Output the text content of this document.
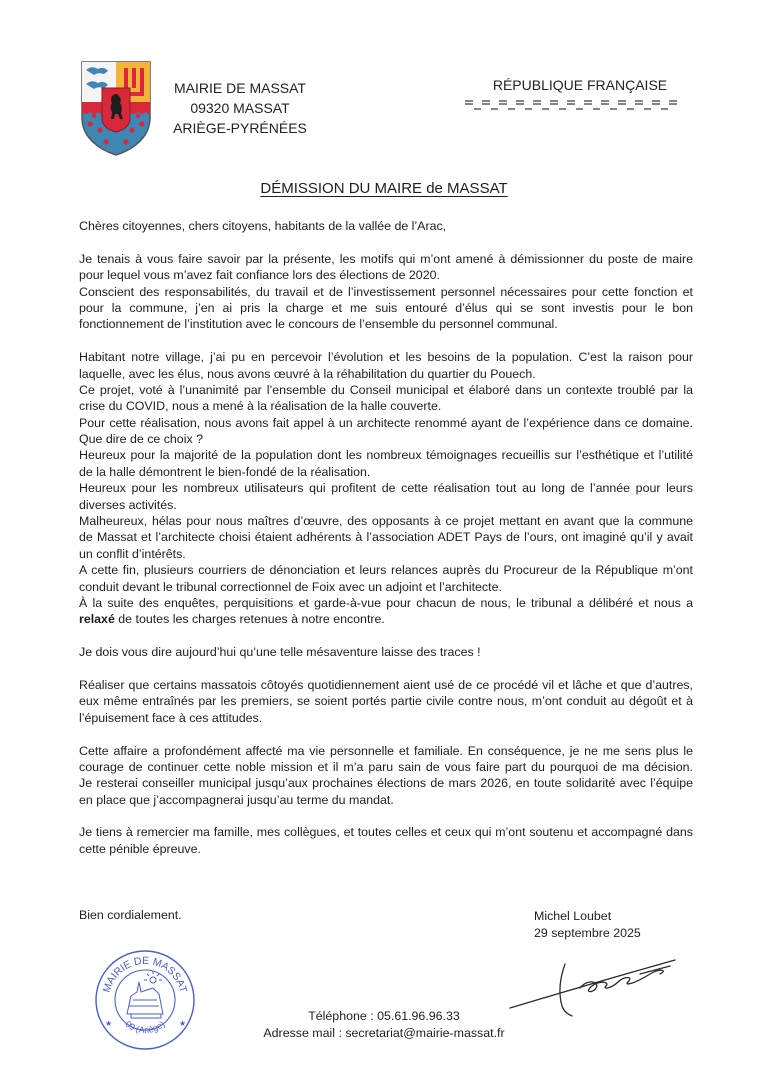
MAIRIE DE MASSAT
09320 MASSAT
ARIÈGE-PYRÉNÉES
RÉPUBLIQUE FRANÇAISE
DÉMISSION DU MAIRE de MASSAT
Chères citoyennes, chers citoyens, habitants de la vallée de l’Arac,
Je tenais à vous faire savoir par la présente, les motifs qui m’ont amené à démissionner du poste de maire
pour lequel vous m’avez fait confiance lors des élections de 2020.
Conscient des responsabilités, du travail et de l’investissement personnel nécessaires pour cette fonction et
pour la commune, j’en ai pris la charge et me suis entouré d’élus qui se sont investis pour le bon
fonctionnement de l’institution avec le concours de l’ensemble du personnel communal.
Habitant notre village, j’ai pu en percevoir l’évolution et les besoins de la population. C’est la raison pour
laquelle, avec les élus, nous avons œuvré à la réhabilitation du quartier du Pouech.
Ce projet, voté à l’unanimité par l’ensemble du Conseil municipal et élaboré dans un contexte troublé par la
crise du COVID, nous a mené à la réalisation de la halle couverte.
Pour cette réalisation, nous avons fait appel à un architecte renommé ayant de l’expérience dans ce domaine.
Que dire de ce choix ?
Heureux pour la majorité de la population dont les nombreux témoignages recueillis sur l’esthétique et l’utilité
de la halle démontrent le bien-fondé de la réalisation.
Heureux pour les nombreux utilisateurs qui profitent de cette réalisation tout au long de l’année pour leurs
diverses activités.
Malheureux, hélas pour nous maîtres d’œuvre, des opposants à ce projet mettant en avant que la commune
de Massat et l’architecte choisi étaient adhérents à l’association ADET Pays de l’ours, ont imaginé qu’il y avait
un conflit d’intérêts.
A cette fin, plusieurs courriers de dénonciation et leurs relances auprès du Procureur de la République m’ont
conduit devant le tribunal correctionnel de Foix avec un adjoint et l’architecte.
À la suite des enquêtes, perquisitions et garde-à-vue pour chacun de nous, le tribunal a délibéré et nous a
relaxé de toutes les charges retenues à notre encontre.
Je dois vous dire aujourd’hui qu’une telle mésaventure laisse des traces !
Réaliser que certains massatois côtoyés quotidiennement aient usé de ce procédé vil et lâche et que d’autres,
eux même entraînés par les premiers, se soient portés partie civile contre nous, m’ont conduit au dégoût et à
l’épuisement face à ces attitudes.
Cette affaire a profondément affecté ma vie personnelle et familiale. En conséquence, je ne me sens plus le
courage de continuer cette noble mission et il m’a paru sain de vous faire part du pourquoi de ma décision.
Je resterai conseiller municipal jusqu’aux prochaines élections de mars 2026, en toute solidarité avec l’équipe
en place que j’accompagnerai jusqu’au terme du mandat.
Je tiens à remercier ma famille, mes collègues, et toutes celles et ceux qui m’ont soutenu et accompagné dans
cette pénible épreuve.
Bien cordialement.	Michel Loubet
29 septembre 2025
MAIRIE DE MASSAT
09 (Ariège)
★	★
Téléphone : 05.61.96.96.33
Adresse mail : secretariat@mairie-massat.fr
